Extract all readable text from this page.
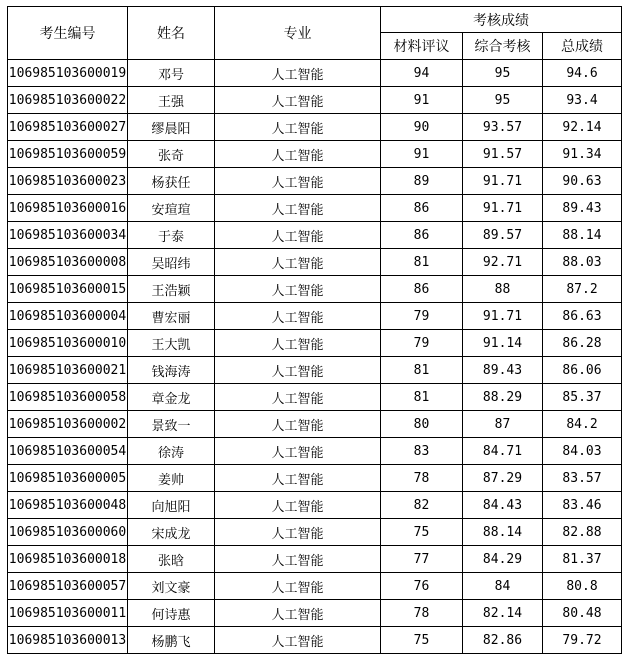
考生编号	姓名	专业	考核成绩		
			材料评议	综合考核	总成绩
106985103600019	邓号	人工智能	94	95	94.6
106985103600022	王强	人工智能	91	95	93.4
106985103600027	缪晨阳	人工智能	90	93.57	92.14
106985103600059	张奇	人工智能	91	91.57	91.34
106985103600023	杨获任	人工智能	89	91.71	90.63
106985103600016	安瑄瑄	人工智能	86	91.71	89.43
106985103600034	于泰	人工智能	86	89.57	88.14
106985103600008	吴昭纬	人工智能	81	92.71	88.03
106985103600015	王浩颖	人工智能	86	88	87.2
106985103600004	曹宏丽	人工智能	79	91.71	86.63
106985103600010	王大凯	人工智能	79	91.14	86.28
106985103600021	钱海涛	人工智能	81	89.43	86.06
106985103600058	章金龙	人工智能	81	88.29	85.37
106985103600002	景致一	人工智能	80	87	84.2
106985103600054	徐涛	人工智能	83	84.71	84.03
106985103600005	姜帅	人工智能	78	87.29	83.57
106985103600048	向旭阳	人工智能	82	84.43	83.46
106985103600060	宋成龙	人工智能	75	88.14	82.88
106985103600018	张晗	人工智能	77	84.29	81.37
106985103600057	刘文豪	人工智能	76	84	80.8
106985103600011	何诗惠	人工智能	78	82.14	80.48
106985103600013	杨鹏飞	人工智能	75	82.86	79.72
